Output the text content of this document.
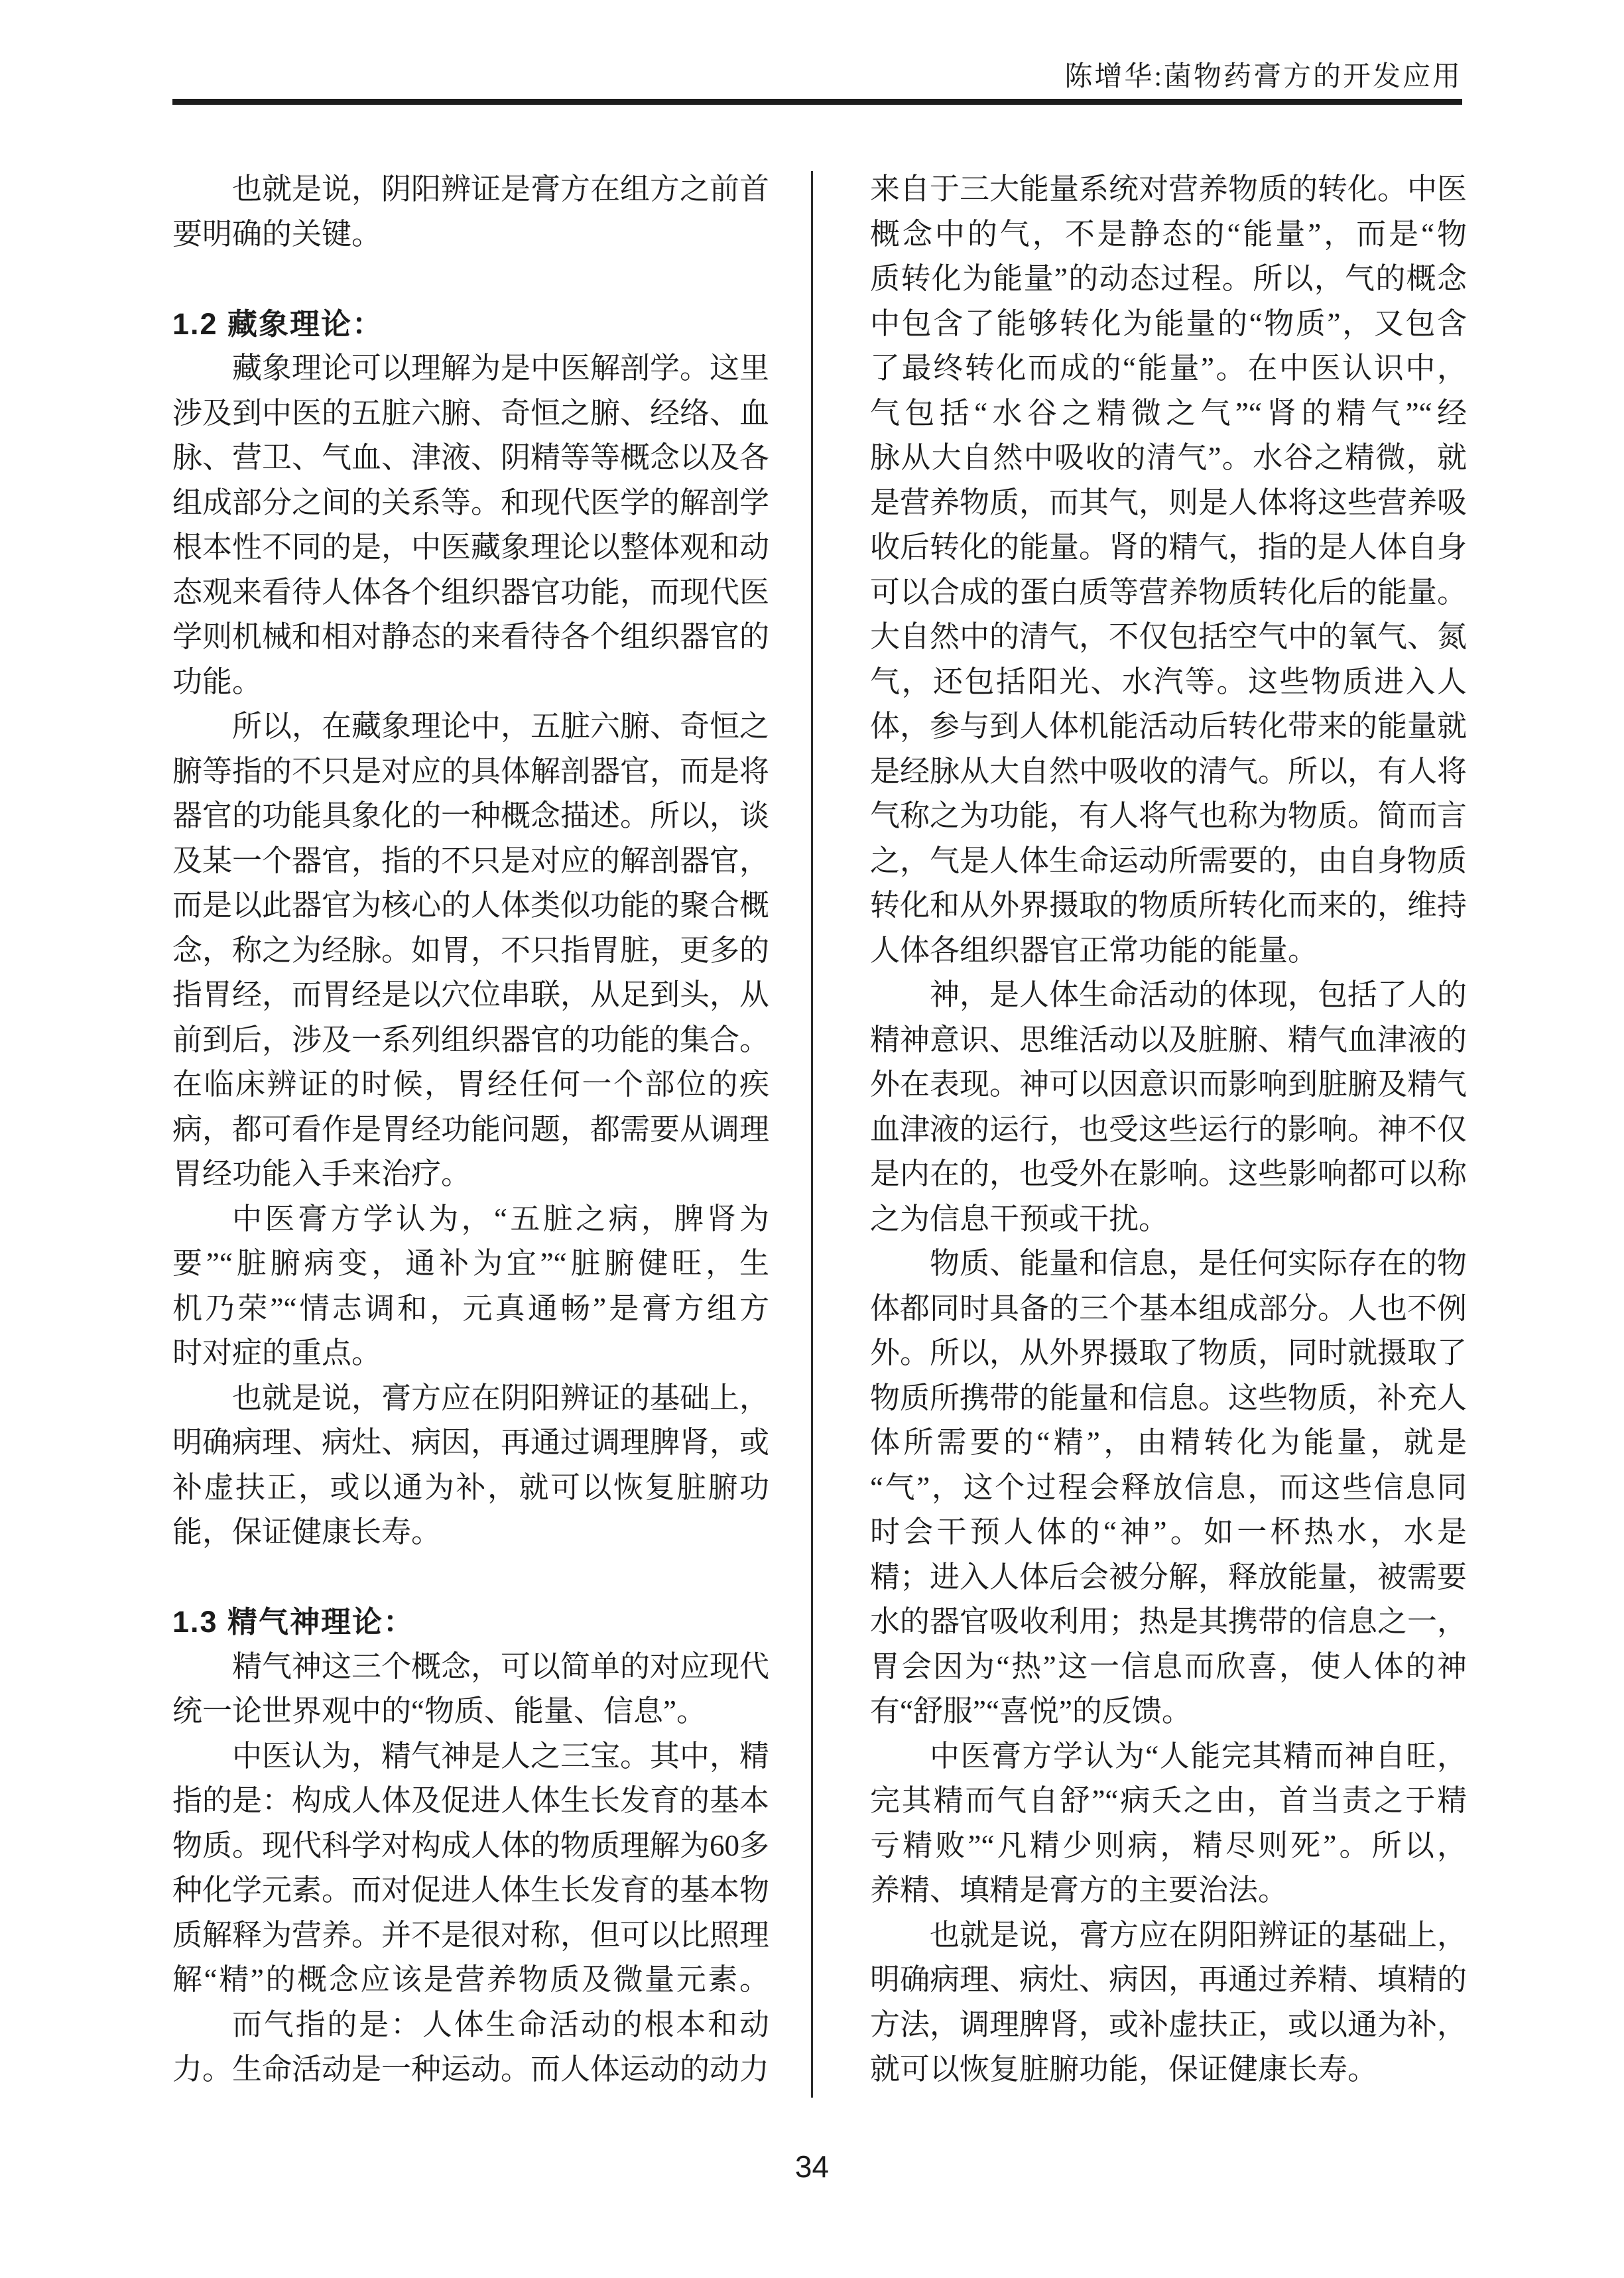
陈增华:菌物药膏方的开发应用
也就是说，阴阳辨证是膏方在组方之前首
要明确的关键。
1.2 藏象理论：
藏象理论可以理解为是中医解剖学。这里
涉及到中医的五脏六腑、奇恒之腑、经络、血
脉、营卫、气血、津液、阴精等等概念以及各
组成部分之间的关系等。和现代医学的解剖学
根本性不同的是，中医藏象理论以整体观和动
态观来看待人体各个组织器官功能，而现代医
学则机械和相对静态的来看待各个组织器官的
功能。
所以，在藏象理论中，五脏六腑、奇恒之
腑等指的不只是对应的具体解剖器官，而是将
器官的功能具象化的一种概念描述。所以，谈
及某一个器官，指的不只是对应的解剖器官，
而是以此器官为核心的人体类似功能的聚合概
念，称之为经脉。如胃，不只指胃脏，更多的
指胃经，而胃经是以穴位串联，从足到头，从
前到后，涉及一系列组织器官的功能的集合。
在临床辨证的时候，胃经任何一个部位的疾
病，都可看作是胃经功能问题，都需要从调理
胃经功能入手来治疗。
中医膏方学认为，“五脏之病，脾肾为
要”“脏腑病变，通补为宜”“脏腑健旺，生
机乃荣”“情志调和，元真通畅”是膏方组方
时对症的重点。
也就是说，膏方应在阴阳辨证的基础上，
明确病理、病灶、病因，再通过调理脾肾，或
补虚扶正，或以通为补，就可以恢复脏腑功
能，保证健康长寿。
1.3 精气神理论：
精气神这三个概念，可以简单的对应现代
统一论世界观中的“物质、能量、信息”。
中医认为，精气神是人之三宝。其中，精
指的是：构成人体及促进人体生长发育的基本
物质。现代科学对构成人体的物质理解为60多
种化学元素。而对促进人体生长发育的基本物
质解释为营养。并不是很对称，但可以比照理
解“精”的概念应该是营养物质及微量元素。
而气指的是：人体生命活动的根本和动
力。生命活动是一种运动。而人体运动的动力
来自于三大能量系统对营养物质的转化。中医
概念中的气，不是静态的“能量”，而是“物
质转化为能量”的动态过程。所以，气的概念
中包含了能够转化为能量的“物质”，又包含
了最终转化而成的“能量”。在中医认识中，
气包括“水谷之精微之气”“肾的精气”“经
脉从大自然中吸收的清气”。水谷之精微，就
是营养物质，而其气，则是人体将这些营养吸
收后转化的能量。肾的精气，指的是人体自身
可以合成的蛋白质等营养物质转化后的能量。
大自然中的清气，不仅包括空气中的氧气、氮
气，还包括阳光、水汽等。这些物质进入人
体，参与到人体机能活动后转化带来的能量就
是经脉从大自然中吸收的清气。所以，有人将
气称之为功能，有人将气也称为物质。简而言
之，气是人体生命运动所需要的，由自身物质
转化和从外界摄取的物质所转化而来的，维持
人体各组织器官正常功能的能量。
神，是人体生命活动的体现，包括了人的
精神意识、思维活动以及脏腑、精气血津液的
外在表现。神可以因意识而影响到脏腑及精气
血津液的运行，也受这些运行的影响。神不仅
是内在的，也受外在影响。这些影响都可以称
之为信息干预或干扰。
物质、能量和信息，是任何实际存在的物
体都同时具备的三个基本组成部分。人也不例
外。所以，从外界摄取了物质，同时就摄取了
物质所携带的能量和信息。这些物质，补充人
体所需要的“精”，由精转化为能量，就是
“气”，这个过程会释放信息，而这些信息同
时会干预人体的“神”。如一杯热水，水是
精；进入人体后会被分解，释放能量，被需要
水的器官吸收利用；热是其携带的信息之一，
胃会因为“热”这一信息而欣喜，使人体的神
有“舒服”“喜悦”的反馈。
中医膏方学认为“人能完其精而神自旺，
完其精而气自舒”“病夭之由，首当责之于精
亏精败”“凡精少则病，精尽则死”。所以，
养精、填精是膏方的主要治法。
也就是说，膏方应在阴阳辨证的基础上，
明确病理、病灶、病因，再通过养精、填精的
方法，调理脾肾，或补虚扶正，或以通为补，
就可以恢复脏腑功能，保证健康长寿。
34
